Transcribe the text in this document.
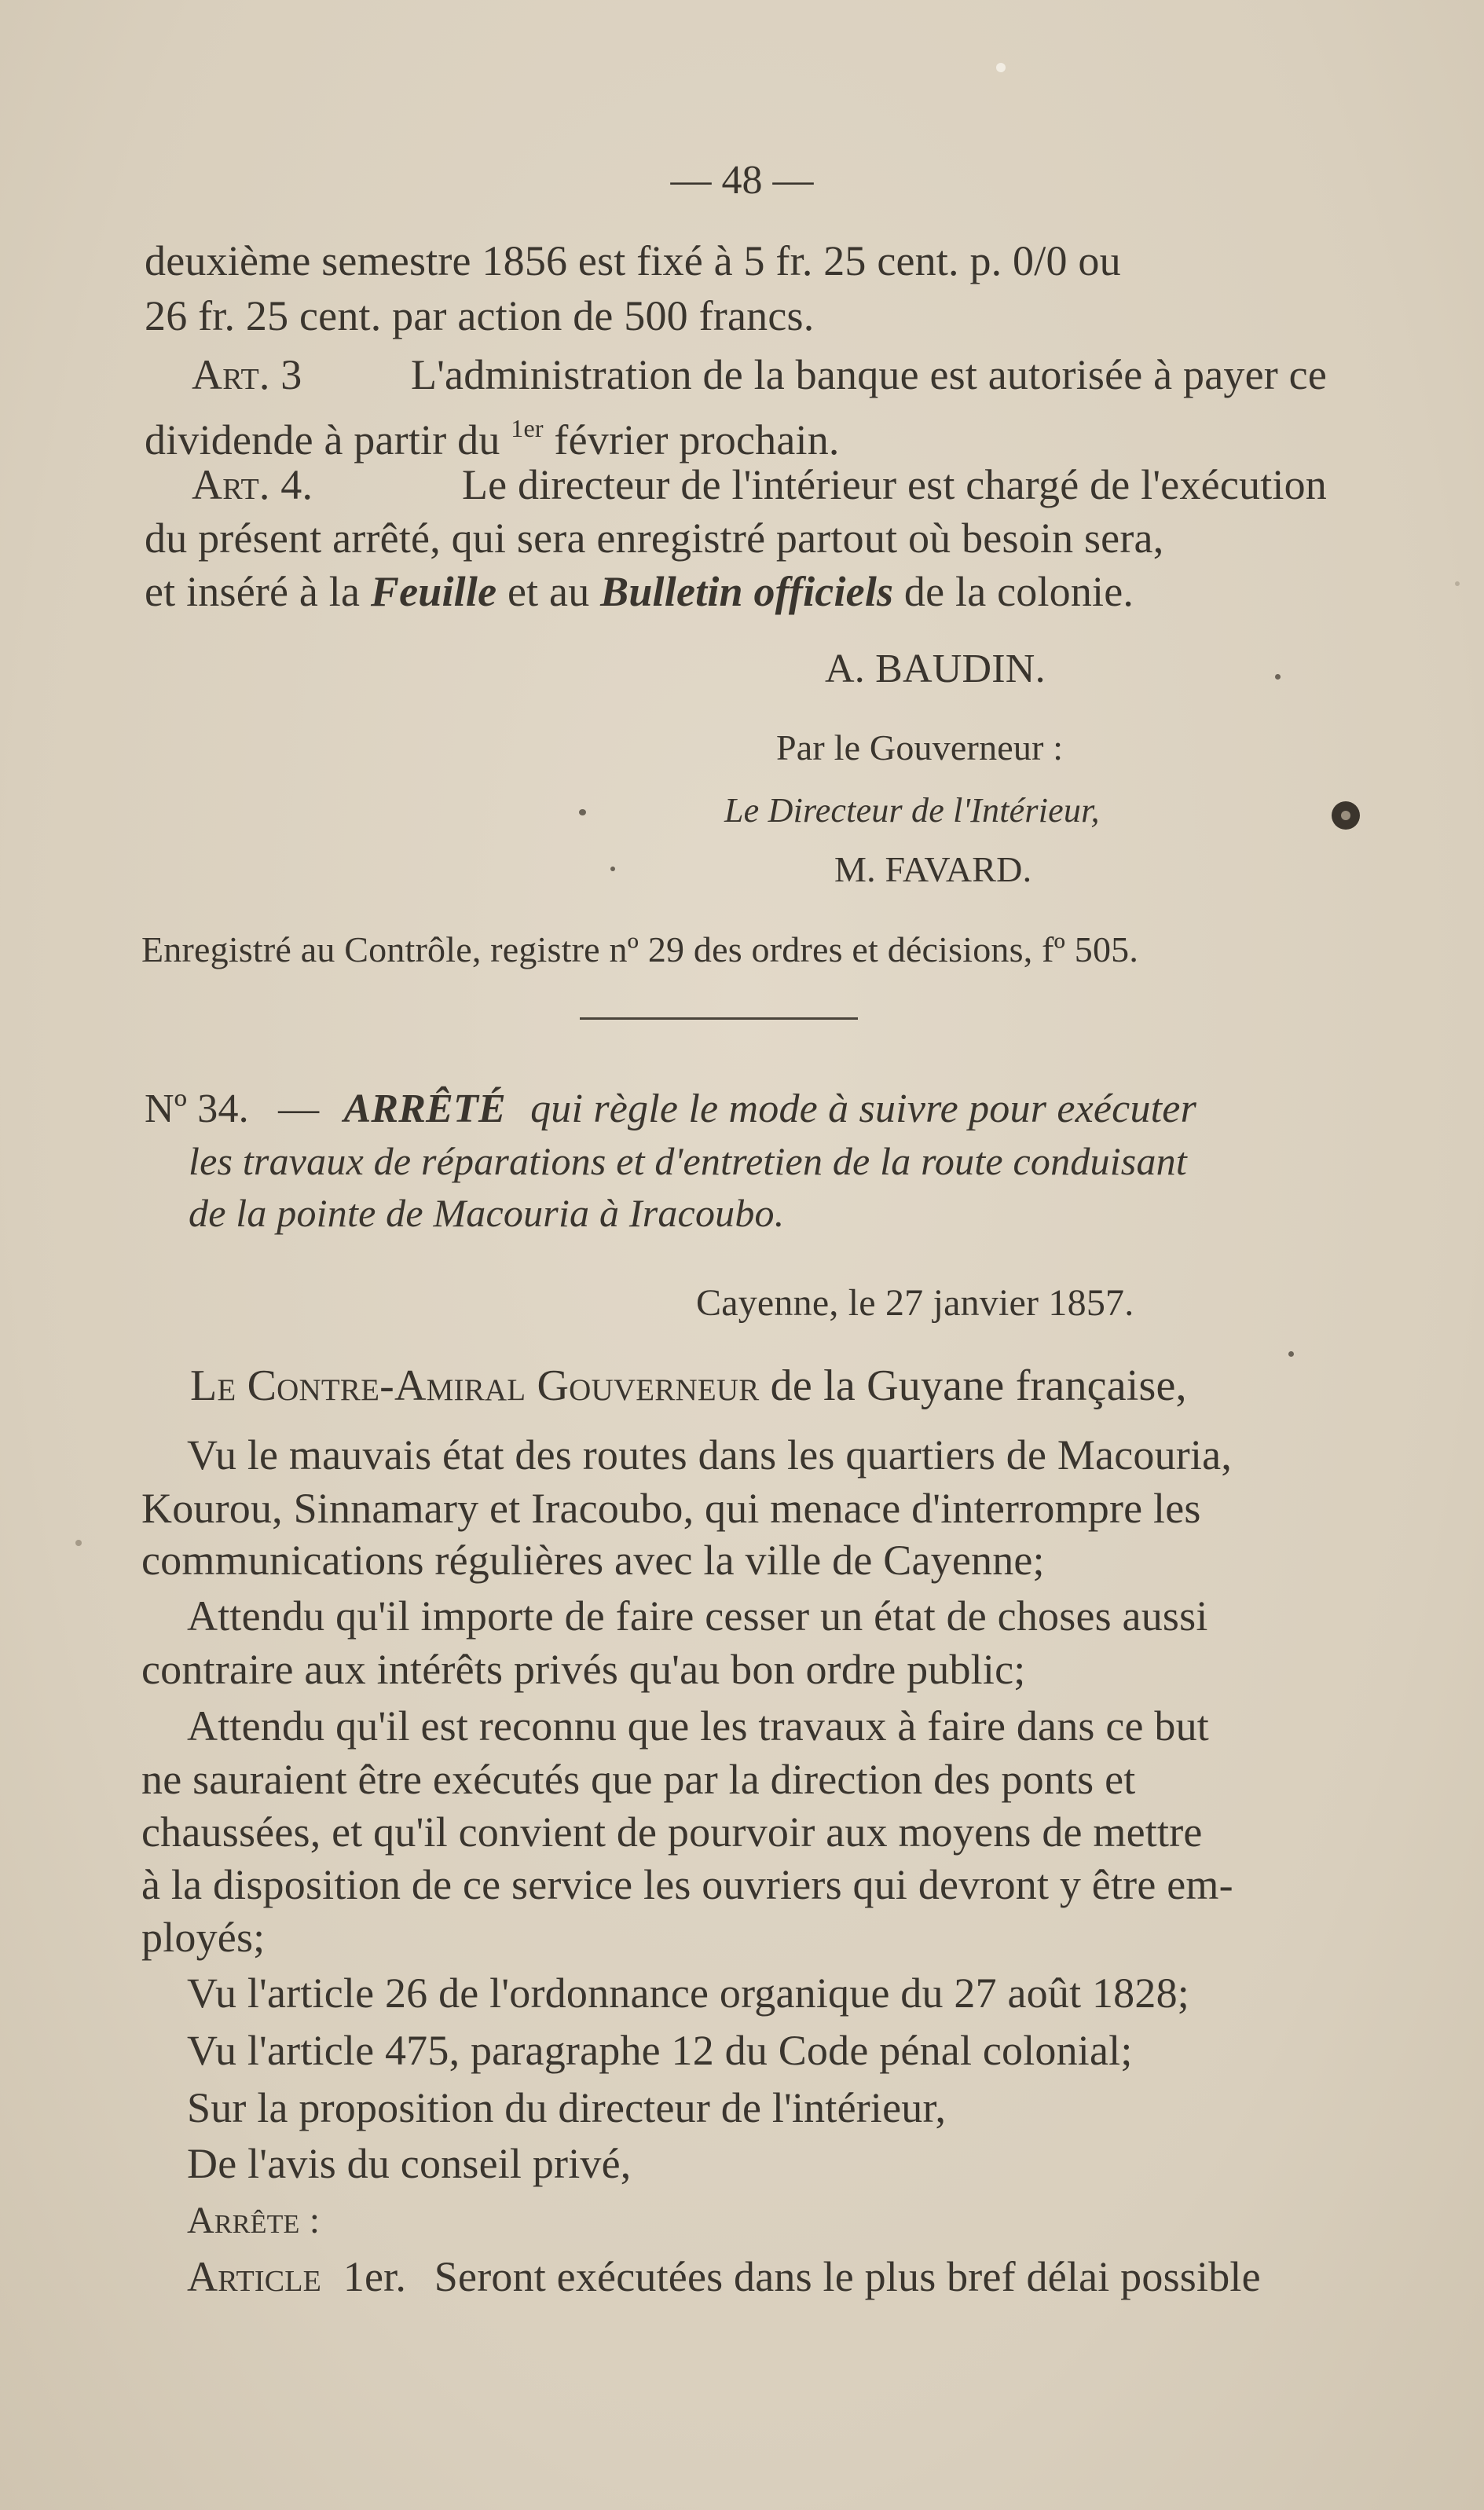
— 48 —
deuxième semestre 1856 est fixé à 5 fr. 25 cent. p. 0/0 ou
26 fr. 25 cent. par action de 500 francs.
Art. 3	L'administration de la banque est autorisée à payer ce
dividende à partir du $^{1er}$ février prochain.
Art. 4.	Le directeur de l'intérieur est chargé de l'exécution
du présent arrêté, qui sera enregistré partout où besoin sera,
et inséré à la Feuille et au Bulletin officiels de la colonie.
A. BAUDIN.
Par le Gouverneur :
Le Directeur de l'Intérieur,
M. FAVARD.
Enregistré au Contrôle, registre nº 29 des ordres et décisions, fº 505.
Nº 34. — ARRÊTÉ qui règle le mode à suivre pour exécuter
les travaux de réparations et d'entretien de la route conduisant
de la pointe de Macouria à Iracoubo.
Cayenne, le 27 janvier 1857.
Le Contre-Amiral Gouverneur de la Guyane française,
Vu le mauvais état des routes dans les quartiers de Macouria,
Kourou, Sinnamary et Iracoubo, qui menace d'interrompre les
communications régulières avec la ville de Cayenne;
Attendu qu'il importe de faire cesser un état de choses aussi
contraire aux intérêts privés qu'au bon ordre public;
Attendu qu'il est reconnu que les travaux à faire dans ce but
ne sauraient être exécutés que par la direction des ponts et
chaussées, et qu'il convient de pourvoir aux moyens de mettre
à la disposition de ce service les ouvriers qui devront y être em-
ployés;
Vu l'article 26 de l'ordonnance organique du 27 août 1828;
Vu l'article 475, paragraphe 12 du Code pénal colonial;
Sur la proposition du directeur de l'intérieur,
De l'avis du conseil privé,
Arrête :
Article 1er. Seront exécutées dans le plus bref délai possible
